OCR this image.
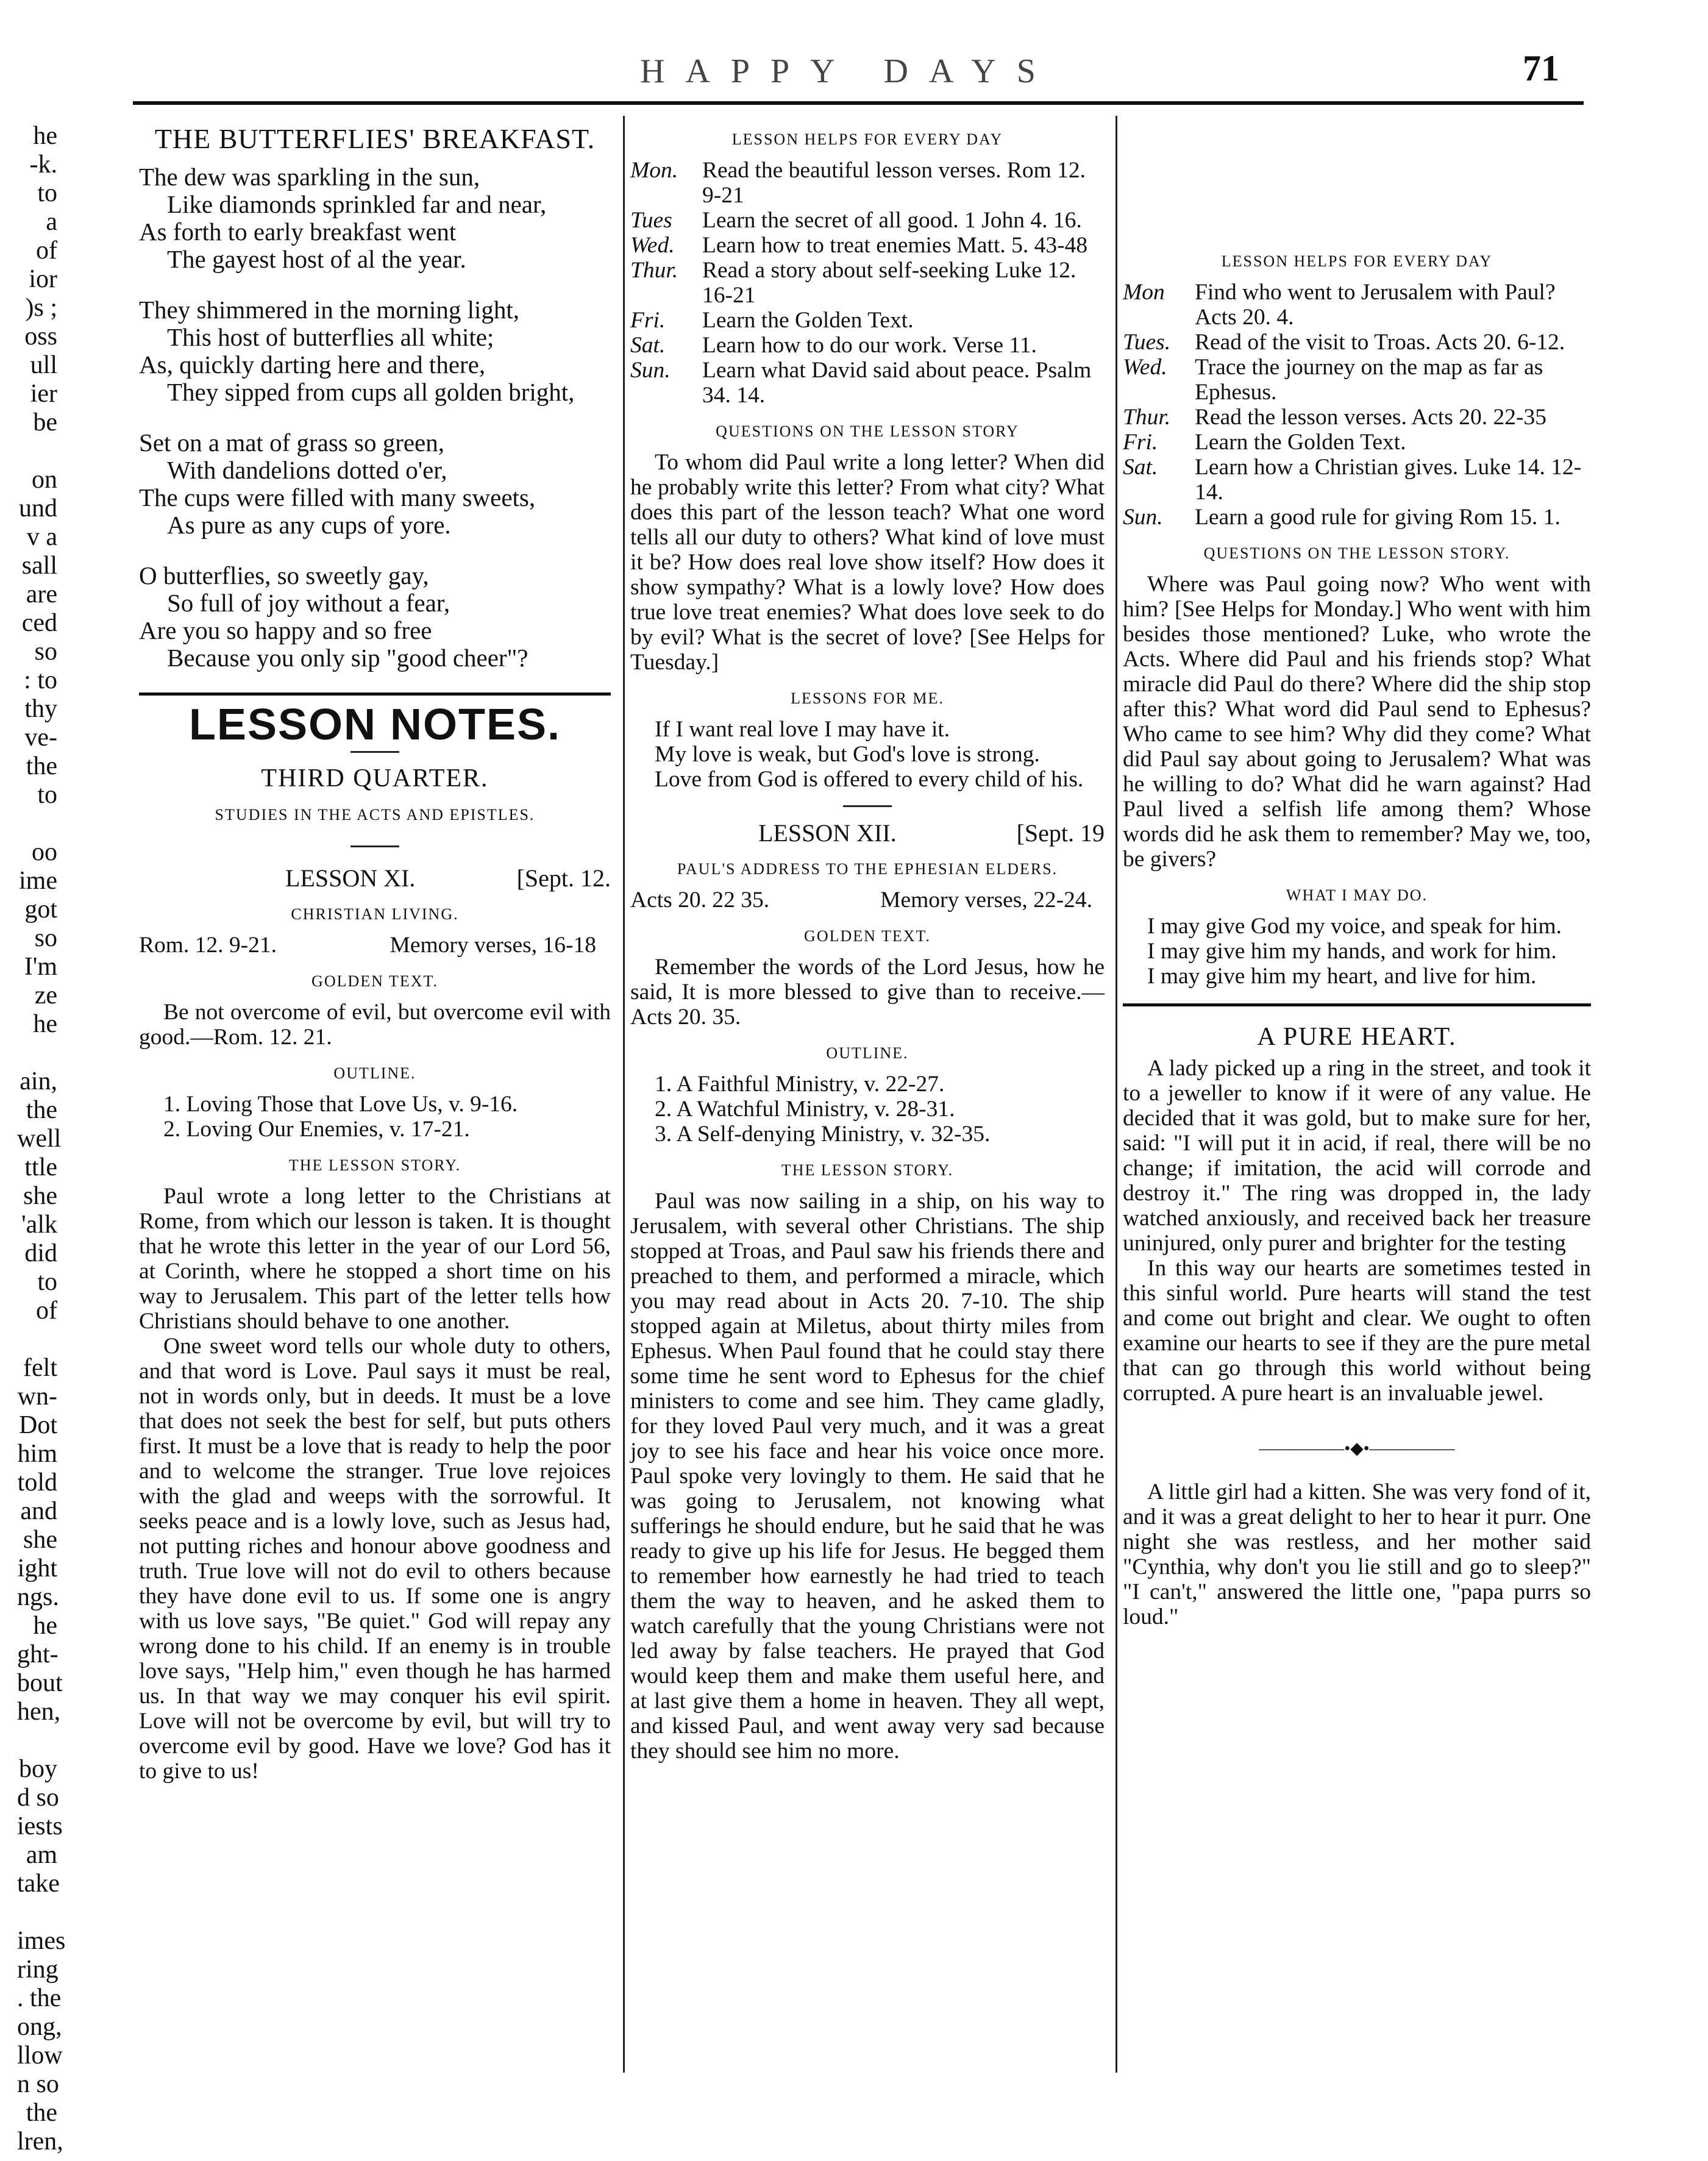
HAPPY DAYS	71
he
-k.
to
a
of
ior
)s ;
oss
ull
ier
be

on
und
v a
sall
are
ced
so
: to
thy
ve-
the
to

oo
ime
got
so
I'm
ze
he

ain,
the
well
ttle
she
'alk
did
to
of

felt
wn-
Dot
him
told
and
she
ight
ngs.
he
ght-
bout
hen,

boy
d so
iests
am
take

imes
ring
. the
ong,
llow
n so
the
lren,
THE BUTTERFLIES' BREAKFAST.
The dew was sparkling in the sun,
Like diamonds sprinkled far and near,
As forth to early breakfast went
The gayest host of al the year.
They shimmered in the morning light,
This host of butterflies all white;
As, quickly darting here and there,
They sipped from cups all golden bright,
Set on a mat of grass so green,
With dandelions dotted o'er,
The cups were filled with many sweets,
As pure as any cups of yore.
O butterflies, so sweetly gay,
So full of joy without a fear,
Are you so happy and so free
Because you only sip "good cheer"?
LESSON NOTES.
THIRD QUARTER.
STUDIES IN THE ACTS AND EPISTLES.
LESSON XI.	[Sept. 12.
CHRISTIAN LIVING.
Rom. 12. 9-21.	Memory verses, 16-18
GOLDEN TEXT.

Be not overcome of evil, but overcome evil with good.—Rom. 12. 21.

OUTLINE.
1. Loving Those that Love Us, v. 9-16.
2. Loving Our Enemies, v. 17-21.
THE LESSON STORY.

Paul wrote a long letter to the Christians at Rome, from which our lesson is taken. It is thought that he wrote this letter in the year of our Lord 56, at Corinth, where he stopped a short time on his way to Jerusalem. This part of the letter tells how Christians should behave to one another.

One sweet word tells our whole duty to others, and that word is Love. Paul says it must be real, not in words only, but in deeds. It must be a love that does not seek the best for self, but puts others first. It must be a love that is ready to help the poor and to welcome the stranger. True love rejoices with the glad and weeps with the sorrowful. It seeks peace and is a lowly love, such as Jesus had, not putting riches and honour above goodness and truth. True love will not do evil to others because they have done evil to us. If some one is angry with us love says, "Be quiet." God will repay any wrong done to his child. If an enemy is in trouble love says, "Help him," even though he has harmed us. In that way we may conquer his evil spirit. Love will not be overcome by evil, but will try to overcome evil by good. Have we love? God has it to give to us!

LESSON HELPS FOR EVERY DAY
Mon.	Read the beautiful lesson verses. Rom 12. 9-21
Tues	Learn the secret of all good. 1 John 4. 16.
Wed.	Learn how to treat enemies Matt. 5. 43-48
Thur.	Read a story about self-seeking Luke 12. 16-21
Fri.	Learn the Golden Text.
Sat.	Learn how to do our work. Verse 11.
Sun.	Learn what David said about peace. Psalm 34. 14.
QUESTIONS ON THE LESSON STORY

To whom did Paul write a long letter? When did he probably write this letter? From what city? What does this part of the lesson teach? What one word tells all our duty to others? What kind of love must it be? How does real love show itself? How does it show sympathy? What is a lowly love? How does true love treat enemies? What does love seek to do by evil? What is the secret of love? [See Helps for Tuesday.]

LESSONS FOR ME.

If I want real love I may have it.

My love is weak, but God's love is strong.

Love from God is offered to every child of his.

LESSON XII.	[Sept. 19
PAUL'S ADDRESS TO THE EPHESIAN ELDERS.
Acts 20. 22 35.	Memory verses, 22-24.
GOLDEN TEXT.

Remember the words of the Lord Jesus, how he said, It is more blessed to give than to receive.—Acts 20. 35.

OUTLINE.
1. A Faithful Ministry, v. 22-27.
2. A Watchful Ministry, v. 28-31.
3. A Self-denying Ministry, v. 32-35.
THE LESSON STORY.

Paul was now sailing in a ship, on his way to Jerusalem, with several other Christians. The ship stopped at Troas, and Paul saw his friends there and preached to them, and performed a miracle, which you may read about in Acts 20. 7-10. The ship stopped again at Miletus, about thirty miles from Ephesus. When Paul found that he could stay there some time he sent word to Ephesus for the chief ministers to come and see him. They came gladly, for they loved Paul very much, and it was a great joy to see his face and hear his voice once more. Paul spoke very lovingly to them. He said that he was going to Jerusalem, not knowing what sufferings he should endure, but he said that he was ready to give up his life for Jesus. He begged them to remember how earnestly he had tried to teach them the way to heaven, and he asked them to watch carefully that the young Christians were not led away by false teachers. He prayed that God would keep them and make them useful here, and at last give them a home in heaven. They all wept, and kissed Paul, and went away very sad because they should see him no more.

LESSON HELPS FOR EVERY DAY
Mon	Find who went to Jerusalem with Paul? Acts 20. 4.
Tues.	Read of the visit to Troas. Acts 20. 6-12.
Wed.	Trace the journey on the map as far as Ephesus.
Thur.	Read the lesson verses. Acts 20. 22-35
Fri.	Learn the Golden Text.
Sat.	Learn how a Christian gives. Luke 14. 12-14.
Sun.	Learn a good rule for giving Rom 15. 1.
QUESTIONS ON THE LESSON STORY.

Where was Paul going now? Who went with him? [See Helps for Monday.] Who went with him besides those mentioned? Luke, who wrote the Acts. Where did Paul and his friends stop? What miracle did Paul do there? Where did the ship stop after this? What word did Paul send to Ephesus? Who came to see him? Why did they come? What did Paul say about going to Jerusalem? What was he willing to do? What did he warn against? Had Paul lived a selfish life among them? Whose words did he ask them to remember? May we, too, be givers?

WHAT I MAY DO.

I may give God my voice, and speak for him.

I may give him my hands, and work for him.

I may give him my heart, and live for him.

A PURE HEART.

A lady picked up a ring in the street, and took it to a jeweller to know if it were of any value. He decided that it was gold, but to make sure for her, said: "I will put it in acid, if real, there will be no change; if imitation, the acid will corrode and destroy it." The ring was dropped in, the lady watched anxiously, and received back her treasure uninjured, only purer and brighter for the testing

In this way our hearts are sometimes tested in this sinful world. Pure hearts will stand the test and come out bright and clear. We ought to often examine our hearts to see if they are the pure metal that can go through this world without being corrupted. A pure heart is an invaluable jewel.

―――――•◆•―――――

A little girl had a kitten. She was very fond of it, and it was a great delight to her to hear it purr. One night she was restless, and her mother said "Cynthia, why don't you lie still and go to sleep?" "I can't," answered the little one, "papa purrs so loud."
